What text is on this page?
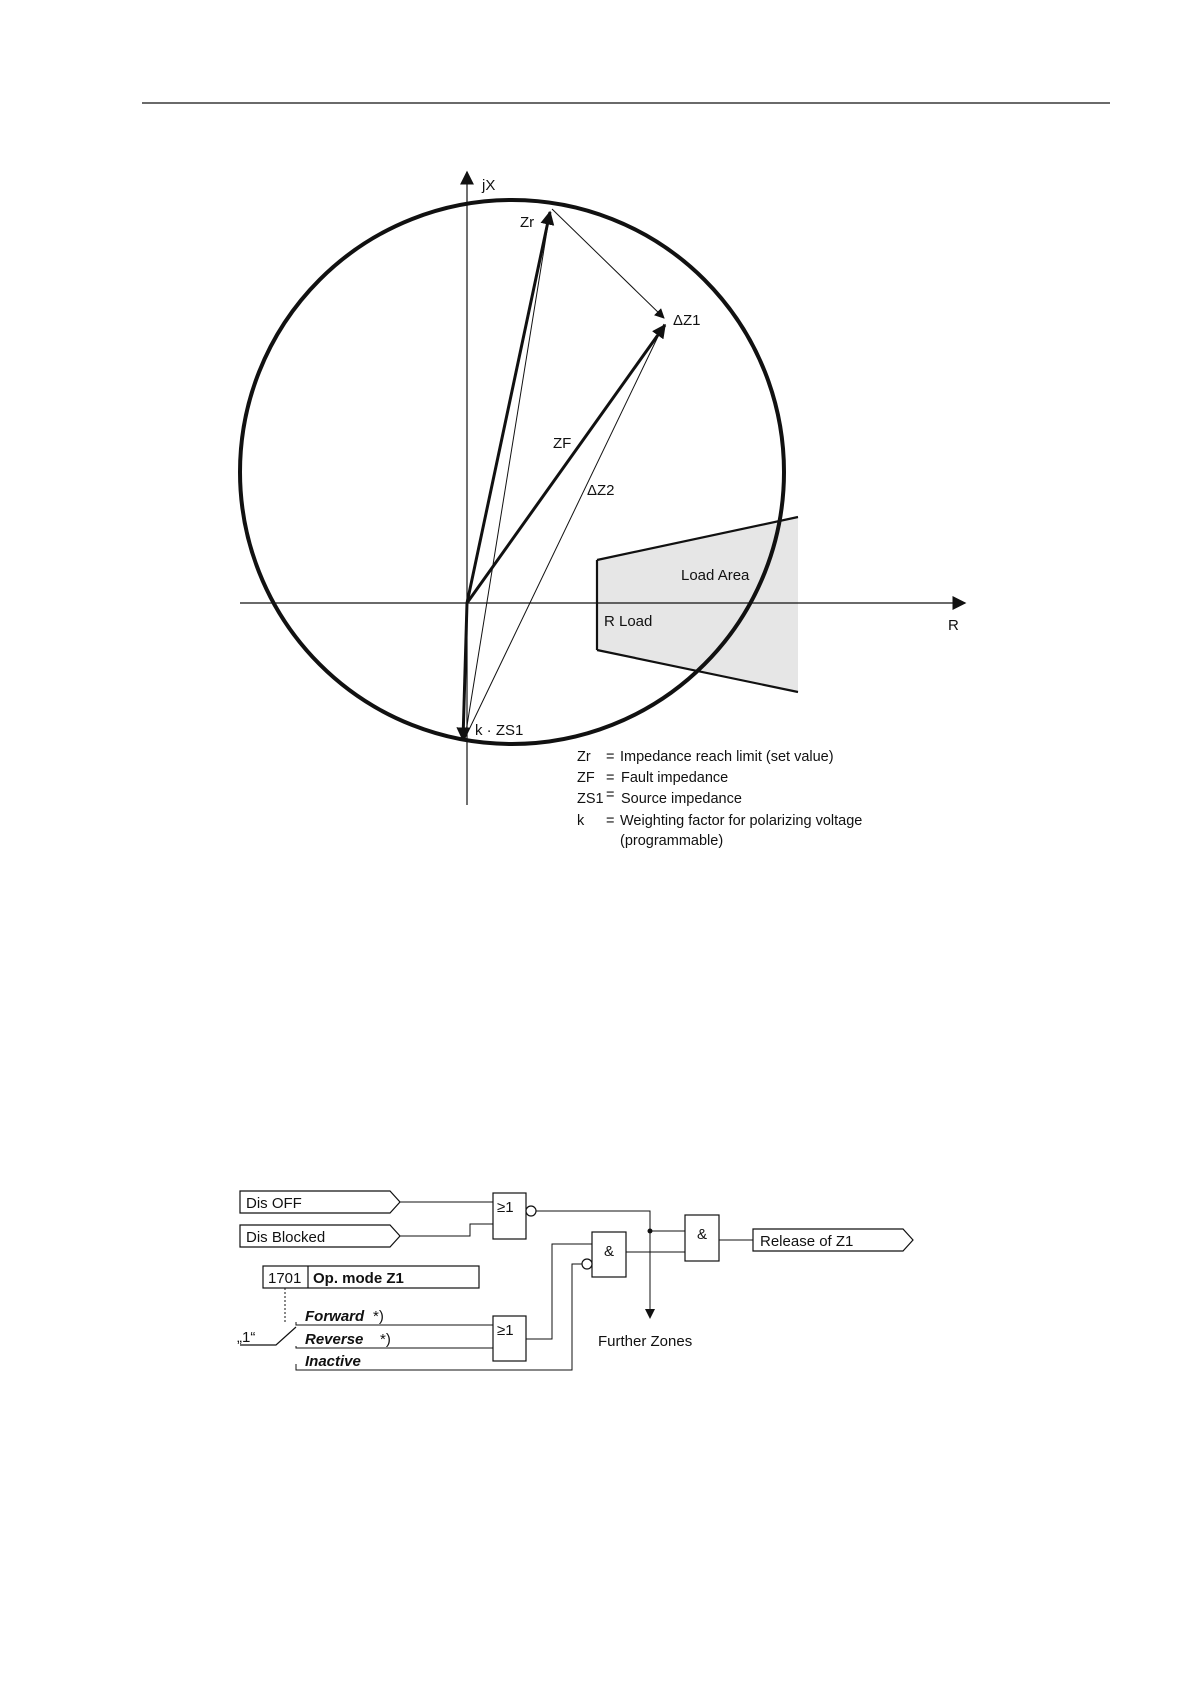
jX
R
Zr
ΔZ1
ZF
ΔZ2
Load Area
R Load
k · ZS1
Zr = Impedance reach limit (set value)
ZF = Fault impedance
ZS1 = Source impedance
k = Weighting factor for polarizing voltage
(programmable)
Dis OFF
Dis Blocked
≥1
&
&	Release of Z1
Further Zones
1701 Op. mode Z1
„1“
Forward *)
Reverse *)
Inactive
≥1
